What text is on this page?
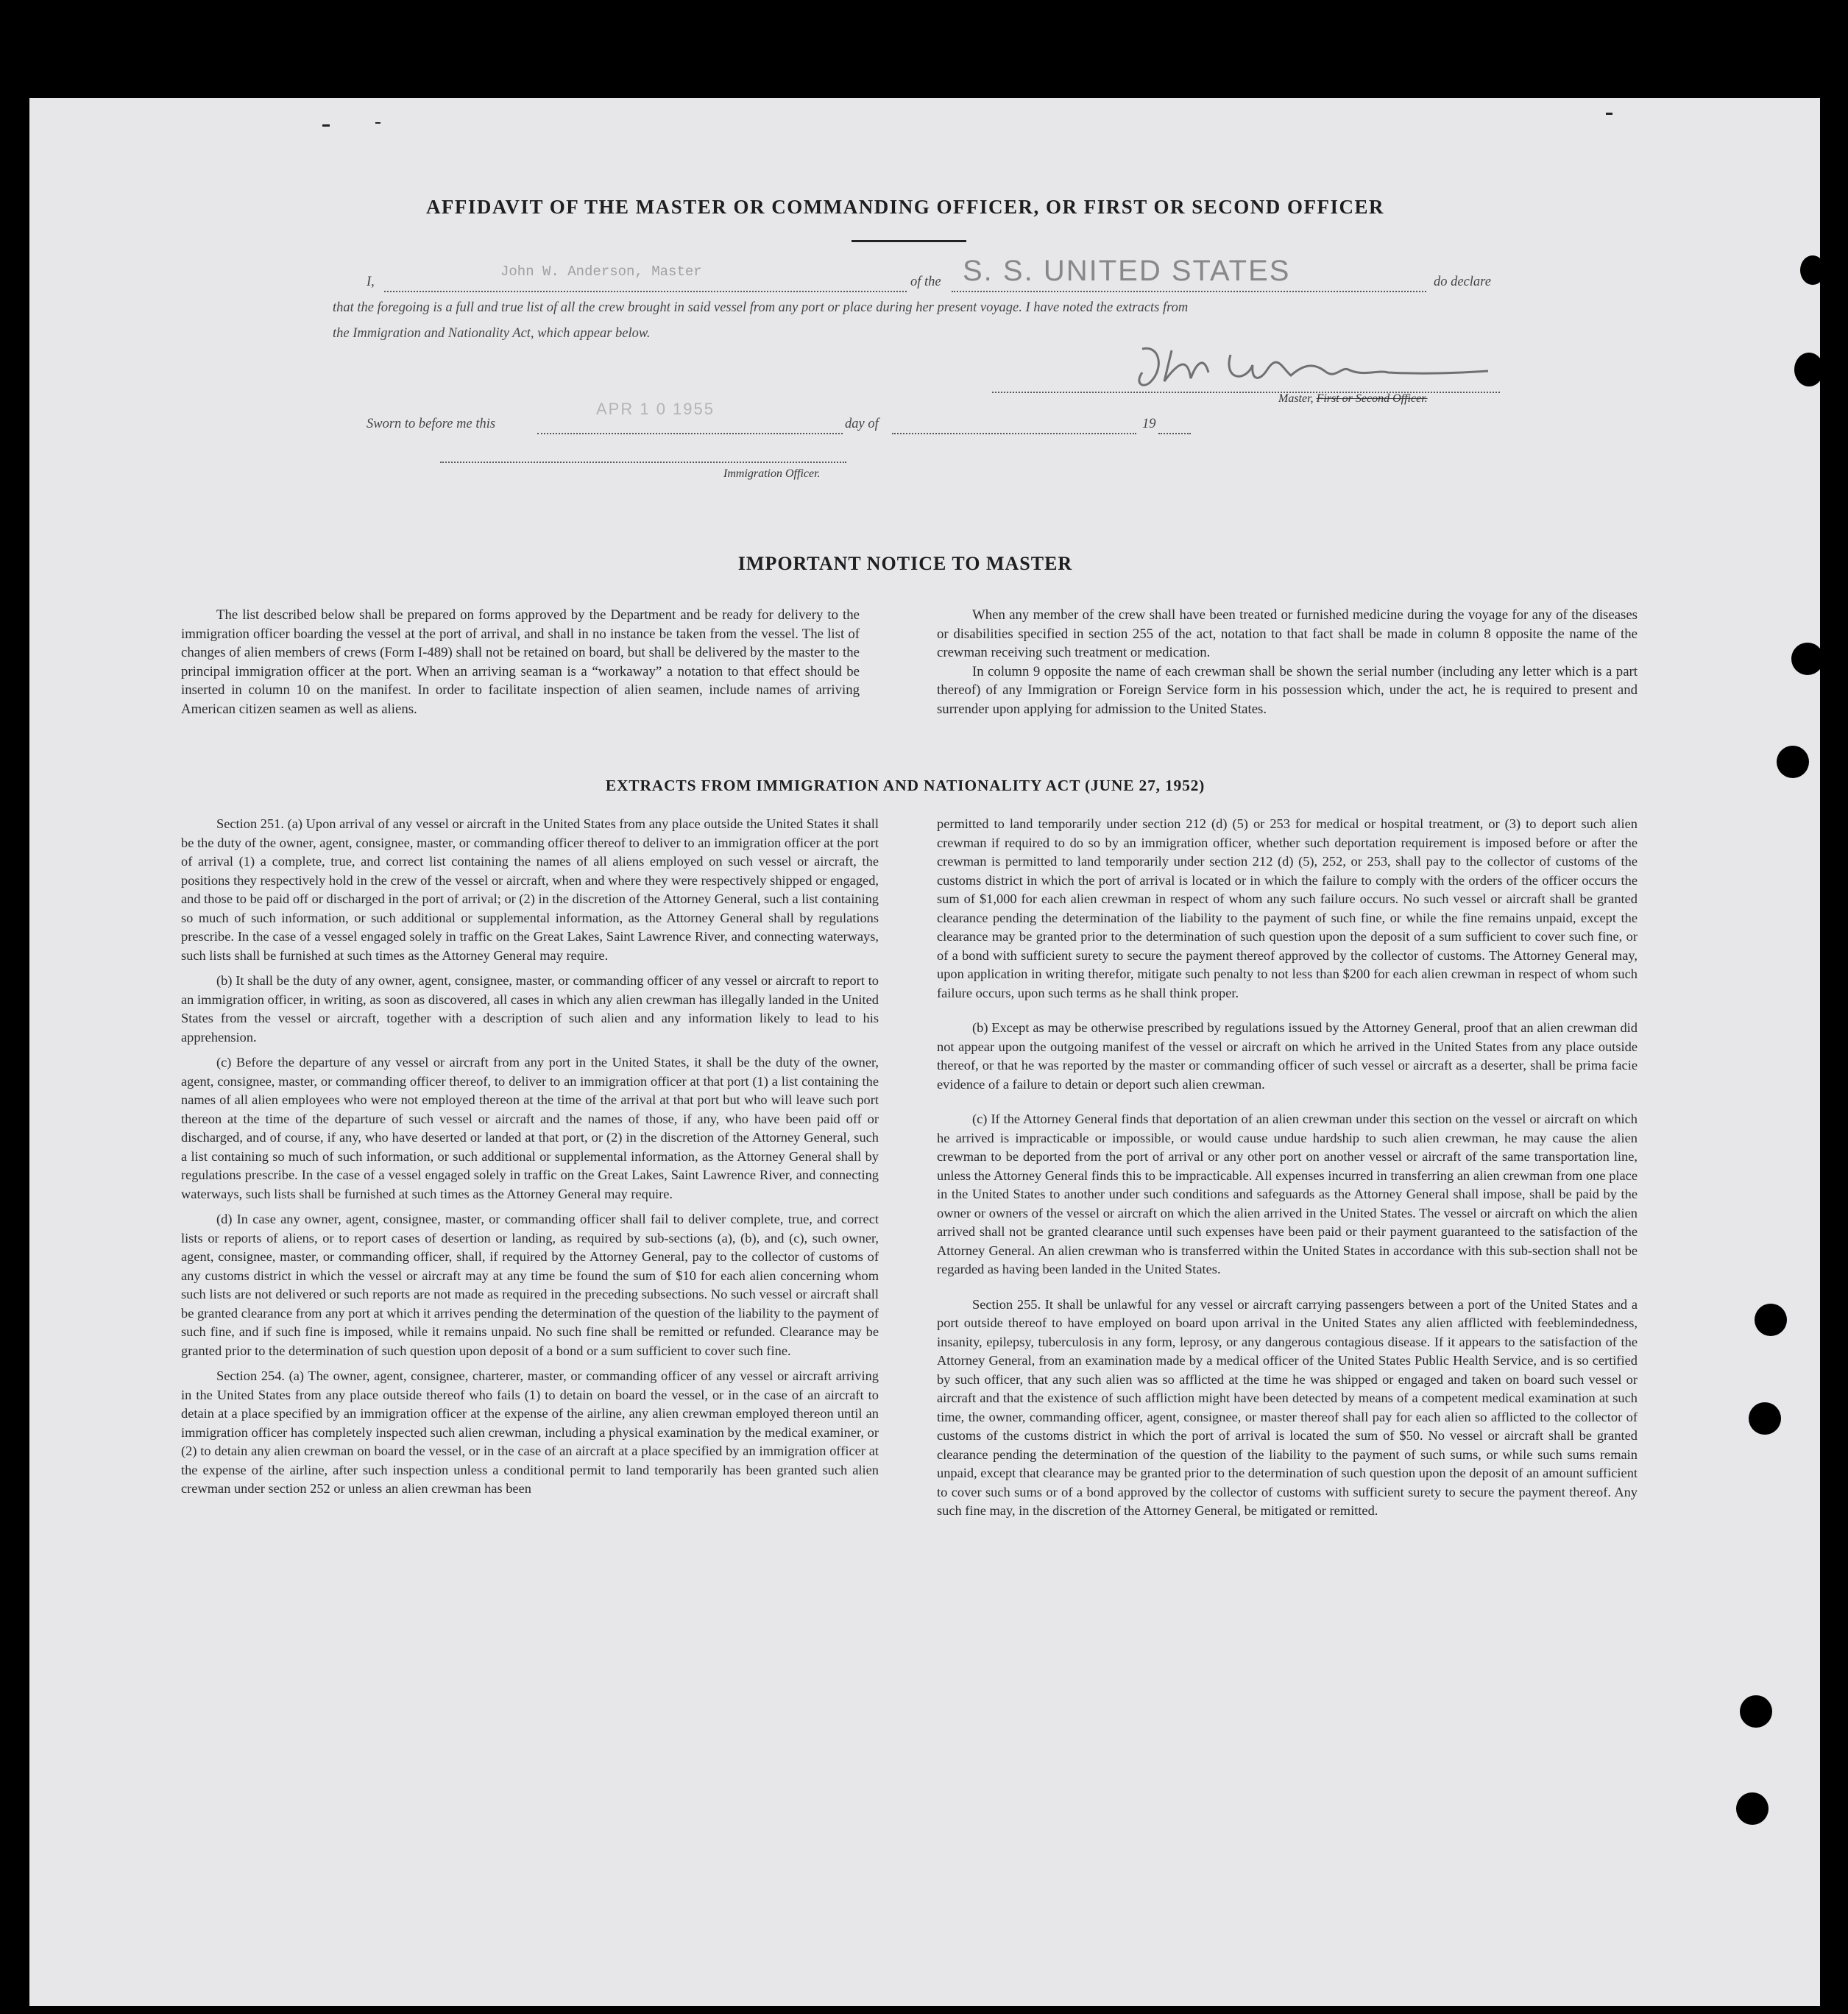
AFFIDAVIT OF THE MASTER OR COMMANDING OFFICER, OR FIRST OR SECOND OFFICER
I,
John W. Anderson, Master
of the S. S. UNITED STATES	do declare
that the foregoing is a full and true list of all the crew brought in said vessel from any port or place during her present voyage. I have noted the extracts from
the Immigration and Nationality Act, which appear below.
Master, First or Second Officer.
Sworn to before me this
APR 1 0 1955
day of	19
Immigration Officer.
IMPORTANT NOTICE TO MASTER

The list described below shall be prepared on forms approved by the Department and be ready for delivery to the immigration officer boarding the vessel at the port of arrival, and shall in no instance be taken from the vessel. The list of changes of alien members of crews (Form I-489) shall not be retained on board, but shall be delivered by the master to the principal immigration officer at the port. When an arriving seaman is a “workaway” a notation to that effect should be inserted in column 10 on the manifest. In order to facilitate inspection of alien seamen, include names of arriving American citizen seamen as well as aliens.

When any member of the crew shall have been treated or furnished medicine during the voyage for any of the diseases or disabilities specified in section 255 of the act, notation to that fact shall be made in column 8 opposite the name of the crewman receiving such treatment or medication.

In column 9 opposite the name of each crewman shall be shown the serial number (including any letter which is a part thereof) of any Immigration or Foreign Service form in his possession which, under the act, he is required to present and surrender upon applying for admission to the United States.

EXTRACTS FROM IMMIGRATION AND NATIONALITY ACT (JUNE 27, 1952)

Section 251. (a) Upon arrival of any vessel or aircraft in the United States from any place outside the United States it shall be the duty of the owner, agent, consignee, master, or commanding officer thereof to deliver to an immigration officer at the port of arrival (1) a complete, true, and correct list containing the names of all aliens employed on such vessel or aircraft, the positions they respectively hold in the crew of the vessel or aircraft, when and where they were respectively shipped or engaged, and those to be paid off or discharged in the port of arrival; or (2) in the discretion of the Attorney General, such a list containing so much of such information, or such additional or supplemental information, as the Attorney General shall by regulations prescribe. In the case of a vessel engaged solely in traffic on the Great Lakes, Saint Lawrence River, and connecting waterways, such lists shall be furnished at such times as the Attorney General may require.

(b) It shall be the duty of any owner, agent, consignee, master, or commanding officer of any vessel or aircraft to report to an immigration officer, in writing, as soon as discovered, all cases in which any alien crewman has illegally landed in the United States from the vessel or aircraft, together with a description of such alien and any information likely to lead to his apprehension.

(c) Before the departure of any vessel or aircraft from any port in the United States, it shall be the duty of the owner, agent, consignee, master, or commanding officer thereof, to deliver to an immigration officer at that port (1) a list containing the names of all alien employees who were not employed thereon at the time of the arrival at that port but who will leave such port thereon at the time of the departure of such vessel or aircraft and the names of those, if any, who have been paid off or discharged, and of course, if any, who have deserted or landed at that port, or (2) in the discretion of the Attorney General, such a list containing so much of such information, or such additional or supplemental information, as the Attorney General shall by regulations prescribe. In the case of a vessel engaged solely in traffic on the Great Lakes, Saint Lawrence River, and connecting waterways, such lists shall be furnished at such times as the Attorney General may require.

(d) In case any owner, agent, consignee, master, or commanding officer shall fail to deliver complete, true, and correct lists or reports of aliens, or to report cases of desertion or landing, as required by sub-sections (a), (b), and (c), such owner, agent, consignee, master, or commanding officer, shall, if required by the Attorney General, pay to the collector of customs of any customs district in which the vessel or aircraft may at any time be found the sum of $10 for each alien concerning whom such lists are not delivered or such reports are not made as required in the preceding subsections. No such vessel or aircraft shall be granted clearance from any port at which it arrives pending the determination of the question of the liability to the payment of such fine, and if such fine is imposed, while it remains unpaid. No such fine shall be remitted or refunded. Clearance may be granted prior to the determination of such question upon deposit of a bond or a sum sufficient to cover such fine.

Section 254. (a) The owner, agent, consignee, charterer, master, or commanding officer of any vessel or aircraft arriving in the United States from any place outside thereof who fails (1) to detain on board the vessel, or in the case of an aircraft to detain at a place specified by an immigration officer at the expense of the airline, any alien crewman employed thereon until an immigration officer has completely inspected such alien crewman, including a physical examination by the medical examiner, or (2) to detain any alien crewman on board the vessel, or in the case of an aircraft at a place specified by an immigration officer at the expense of the airline, after such inspection unless a conditional permit to land temporarily has been granted such alien crewman under section 252 or unless an alien crewman has been

permitted to land temporarily under section 212 (d) (5) or 253 for medical or hospital treatment, or (3) to deport such alien crewman if required to do so by an immigration officer, whether such deportation requirement is imposed before or after the crewman is permitted to land temporarily under section 212 (d) (5), 252, or 253, shall pay to the collector of customs of the customs district in which the port of arrival is located or in which the failure to comply with the orders of the officer occurs the sum of $1,000 for each alien crewman in respect of whom any such failure occurs. No such vessel or aircraft shall be granted clearance pending the determination of the liability to the payment of such fine, or while the fine remains unpaid, except the clearance may be granted prior to the determination of such question upon the deposit of a sum sufficient to cover such fine, or of a bond with sufficient surety to secure the payment thereof approved by the collector of customs. The Attorney General may, upon application in writing therefor, mitigate such penalty to not less than $200 for each alien crewman in respect of whom such failure occurs, upon such terms as he shall think proper.

(b) Except as may be otherwise prescribed by regulations issued by the Attorney General, proof that an alien crewman did not appear upon the outgoing manifest of the vessel or aircraft on which he arrived in the United States from any place outside thereof, or that he was reported by the master or commanding officer of such vessel or aircraft as a deserter, shall be prima facie evidence of a failure to detain or deport such alien crewman.

(c) If the Attorney General finds that deportation of an alien crewman under this section on the vessel or aircraft on which he arrived is impracticable or impossible, or would cause undue hardship to such alien crewman, he may cause the alien crewman to be deported from the port of arrival or any other port on another vessel or aircraft of the same transportation line, unless the Attorney General finds this to be impracticable. All expenses incurred in transferring an alien crewman from one place in the United States to another under such conditions and safeguards as the Attorney General shall impose, shall be paid by the owner or owners of the vessel or aircraft on which the alien arrived in the United States. The vessel or aircraft on which the alien arrived shall not be granted clearance until such expenses have been paid or their payment guaranteed to the satisfaction of the Attorney General. An alien crewman who is transferred within the United States in accordance with this sub-section shall not be regarded as having been landed in the United States.

Section 255. It shall be unlawful for any vessel or aircraft carrying passengers between a port of the United States and a port outside thereof to have employed on board upon arrival in the United States any alien afflicted with feeblemindedness, insanity, epilepsy, tuberculosis in any form, leprosy, or any dangerous contagious disease. If it appears to the satisfaction of the Attorney General, from an examination made by a medical officer of the United States Public Health Service, and is so certified by such officer, that any such alien was so afflicted at the time he was shipped or engaged and taken on board such vessel or aircraft and that the existence of such affliction might have been detected by means of a competent medical examination at such time, the owner, commanding officer, agent, consignee, or master thereof shall pay for each alien so afflicted to the collector of customs of the customs district in which the port of arrival is located the sum of $50. No vessel or aircraft shall be granted clearance pending the determination of the question of the liability to the payment of such sums, or while such sums remain unpaid, except that clearance may be granted prior to the determination of such question upon the deposit of an amount sufficient to cover such sums or of a bond approved by the collector of customs with sufficient surety to secure the payment thereof. Any such fine may, in the discretion of the Attorney General, be mitigated or remitted.
